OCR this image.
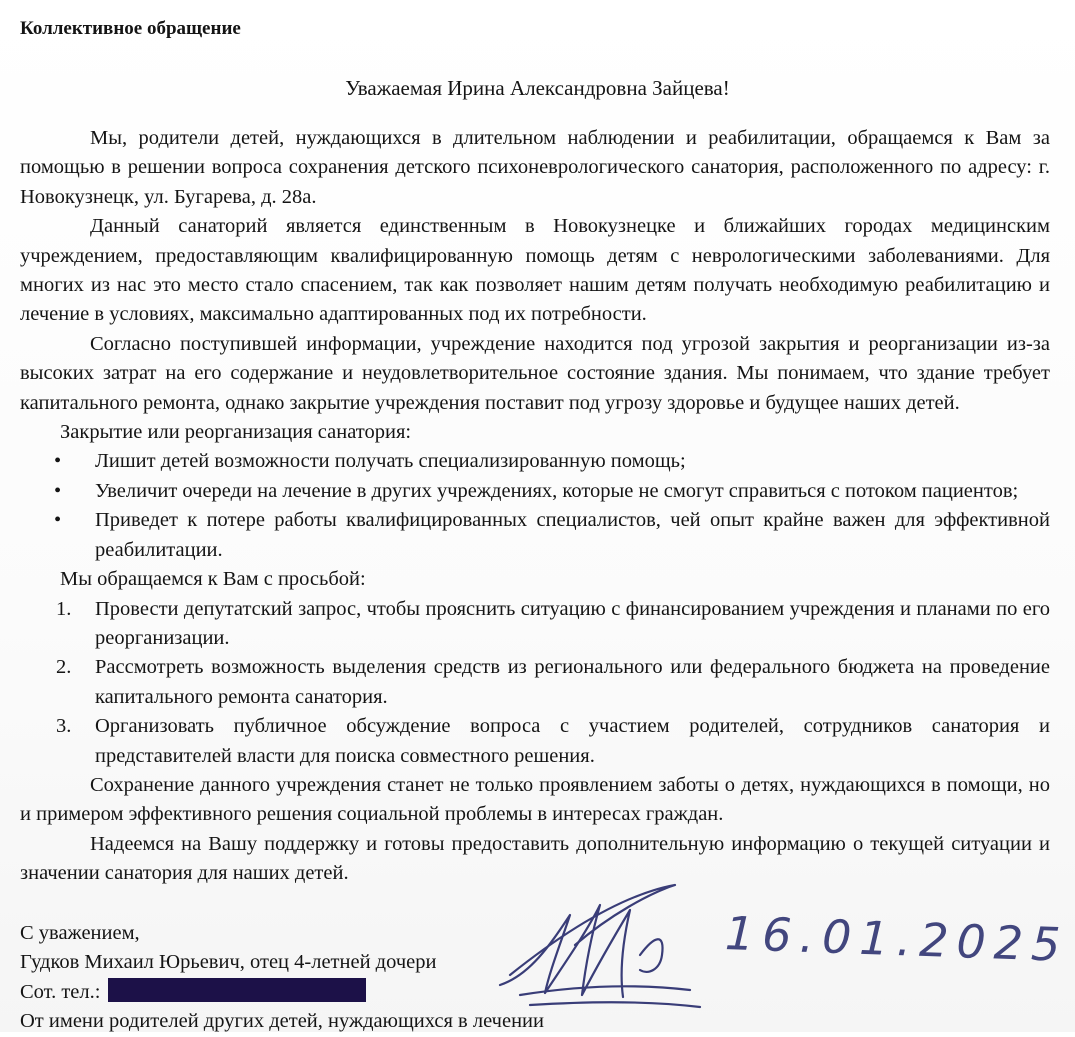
Коллективное обращение
Уважаемая Ирина Александровна Зайцева!

Мы, родители детей, нуждающихся в длительном наблюдении и реабилитации, обращаемся к Вам за помощью в решении вопроса сохранения детского психоневрологического санатория, расположенного по адресу: г. Новокузнецк, ул. Бугарева, д. 28а.

Данный санаторий является единственным в Новокузнецке и ближайших городах медицинским учреждением, предоставляющим квалифицированную помощь детям с неврологическими заболеваниями. Для многих из нас это место стало спасением, так как позволяет нашим детям получать необходимую реабилитацию и лечение в условиях, максимально адаптированных под их потребности.

Согласно поступившей информации, учреждение находится под угрозой закрытия и реорганизации из-за высоких затрат на его содержание и неудовлетворительное состояние здания. Мы понимаем, что здание требует капитального ремонта, однако закрытие учреждения поставит под угрозу здоровье и будущее наших детей.

Закрытие или реорганизация санатория:

• Лишит детей возможности получать специализированную помощь;
• Увеличит очереди на лечение в других учреждениях, которые не смогут справиться с потоком пациентов;
• Приведет к потере работы квалифицированных специалистов, чей опыт крайне важен для эффективной реабилитации.

Мы обращаемся к Вам с просьбой:

1. Провести депутатский запрос, чтобы прояснить ситуацию с финансированием учреждения и планами по его реорганизации.
2. Рассмотреть возможность выделения средств из регионального или федерального бюджета на проведение капитального ремонта санатория.
3. Организовать публичное обсуждение вопроса с участием родителей, сотрудников санатория и представителей власти для поиска совместного решения.

Сохранение данного учреждения станет не только проявлением заботы о детях, нуждающихся в помощи, но и примером эффективного решения социальной проблемы в интересах граждан.

Надеемся на Вашу поддержку и готовы предоставить дополнительную информацию о текущей ситуации и значении санатория для наших детей.

С уважением,

Гудков Михаил Юрьевич, отец 4-летней дочери

Сот. тел.:

От имени родителей других детей, нуждающихся в лечении

16.01.2025
